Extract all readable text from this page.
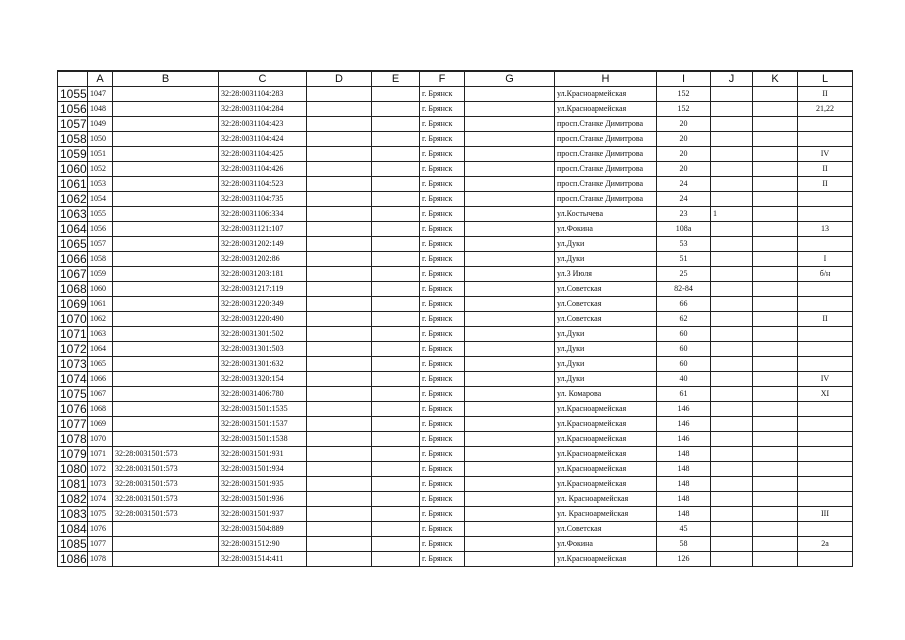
	A	B	C	D	E	F	G	H	I	J	K	L
1055	1047		32:28:0031104:283			г. Брянск		ул.Красноармейская	152			II
1056	1048		32:28:0031104:284			г. Брянск		ул.Красноармейская	152			21,22
1057	1049		32:28:0031104:423			г. Брянск		просп.Станке Димитрова	20			
1058	1050		32:28:0031104:424			г. Брянск		просп.Станке Димитрова	20			
1059	1051		32:28:0031104:425			г. Брянск		просп.Станке Димитрова	20			IV
1060	1052		32:28:0031104:426			г. Брянск		просп.Станке Димитрова	20			II
1061	1053		32:28:0031104:523			г. Брянск		просп.Станке Димитрова	24			II
1062	1054		32:28:0031104:735			г. Брянск		просп.Станке Димитрова	24			
1063	1055		32:28:0031106:334			г. Брянск		ул.Костычева	23	1		
1064	1056		32:28:0031121:107			г. Брянск		ул.Фокина	108а			13
1065	1057		32:28:0031202:149			г. Брянск		ул.Дуки	53			
1066	1058		32:28:0031202:86			г. Брянск		ул.Дуки	51			I
1067	1059		32:28:0031203:181			г. Брянск		ул.3 Июля	25			б/н
1068	1060		32:28:0031217:119			г. Брянск		ул.Советская	82-84			
1069	1061		32:28:0031220:349			г. Брянск		ул.Советская	66			
1070	1062		32:28:0031220:490			г. Брянск		ул.Советская	62			II
1071	1063		32:28:0031301:502			г. Брянск		ул.Дуки	60			
1072	1064		32:28:0031301:503			г. Брянск		ул.Дуки	60			
1073	1065		32:28:0031301:632			г. Брянск		ул.Дуки	60			
1074	1066		32:28:0031320:154			г. Брянск		ул.Дуки	40			IV
1075	1067		32:28:0031406:780			г. Брянск		ул. Комарова	61			XI
1076	1068		32:28:0031501:1535			г. Брянск		ул.Красноармейская	146			
1077	1069		32:28:0031501:1537			г. Брянск		ул.Красноармейская	146			
1078	1070		32:28:0031501:1538			г. Брянск		ул.Красноармейская	146			
1079	1071	32:28:0031501:573	32:28:0031501:931			г. Брянск		ул.Красноармейская	148			
1080	1072	32:28:0031501:573	32:28:0031501:934			г. Брянск		ул.Красноармейская	148			
1081	1073	32:28:0031501:573	32:28:0031501:935			г. Брянск		ул.Красноармейская	148			
1082	1074	32:28:0031501:573	32:28:0031501:936			г. Брянск		ул. Красноармейская	148			
1083	1075	32:28:0031501:573	32:28:0031501:937			г. Брянск		ул. Красноармейская	148			III
1084	1076		32:28:0031504:889			г. Брянск		ул.Советская	45			
1085	1077		32:28:0031512:90			г. Брянск		ул.Фокина	58			2а
1086	1078		32:28:0031514:411			г. Брянск		ул.Красноармейская	126			
